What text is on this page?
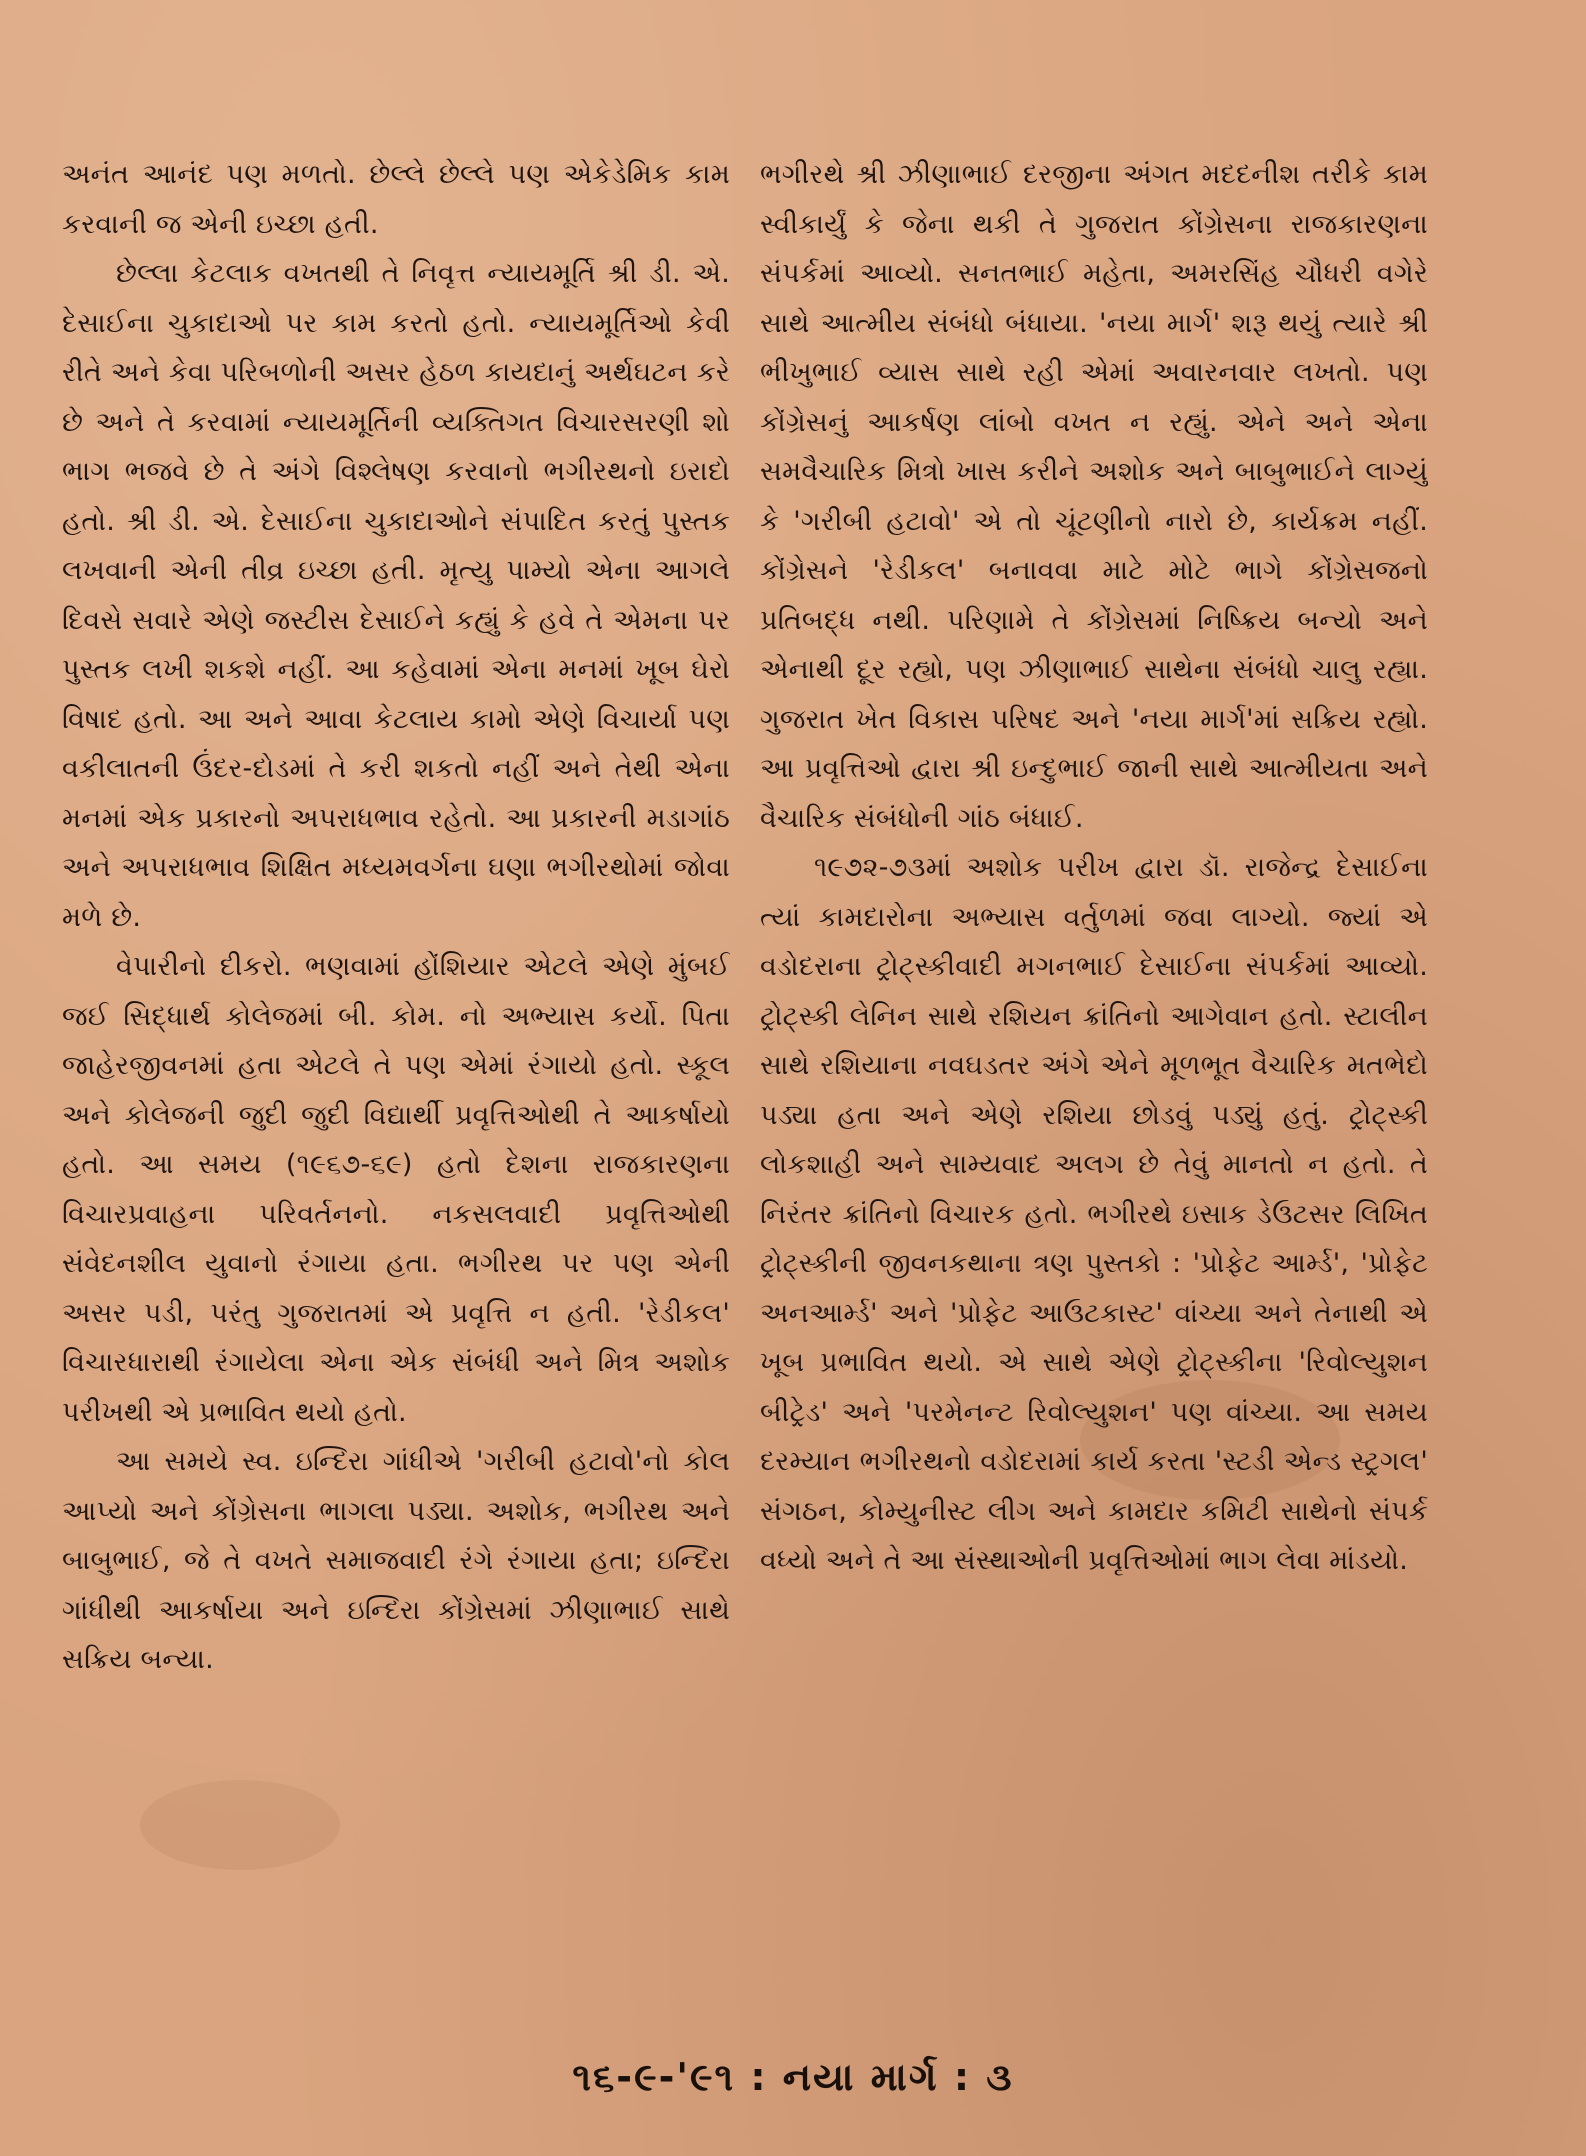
અનંત આનંદ પણ મળતો. છેલ્લે છેલ્લે પણ એકેડેમિક કામ કરવાની જ એની ઇચ્છા હતી.

છેલ્લા કેટલાક વખતથી તે નિવૃત્ત ન્યાયમૂર્તિ શ્રી ડી. એ. દેસાઈના ચુકાદાઓ પર કામ કરતો હતો. ન્યાયમૂર્તિઓ કેવી રીતે અને કેવા પરિબળોની અસર હેઠળ કાયદાનું અર્થઘટન કરે છે અને તે કરવામાં ન્યાયમૂર્તિની વ્યક્તિગત વિચારસરણી શો ભાગ ભજવે છે તે અંગે વિશ્લેષણ કરવાનો ભગીરથનો ઇરાદો હતો. શ્રી ડી. એ. દેસાઈના ચુકાદાઓને સંપાદિત કરતું પુસ્તક લખવાની એની તીવ્ર ઇચ્છા હતી. મૃત્યુ પામ્યો એના આગલે દિવસે સવારે એણે જસ્ટીસ દેસાઈને કહ્યું કે હવે તે એમના પર પુસ્તક લખી શકશે નહીં. આ કહેવામાં એના મનમાં ખૂબ ઘેરો વિષાદ હતો. આ અને આવા કેટલાય કામો એણે વિચાર્યા પણ વકીલાતની ઉંદર-દોડમાં તે કરી શકતો નહીં અને તેથી એના મનમાં એક પ્રકારનો અપરાધભાવ રહેતો. આ પ્રકારની મડાગાંઠ અને અપરાધભાવ શિક્ષિત મધ્યમવર્ગના ઘણા ભગીરથોમાં જોવા મળે છે.

વેપારીનો દીકરો. ભણવામાં હોંશિયાર એટલે એણે મુંબઈ જઈ સિદ્ધાર્થ કોલેજમાં બી. કોમ. નો અભ્યાસ કર્યો. પિતા જાહેરજીવનમાં હતા એટલે તે પણ એમાં રંગાયો હતો. સ્કૂલ અને કોલેજની જુદી જુદી વિદ્યાર્થી પ્રવૃત્તિઓથી તે આકર્ષાયો હતો. આ સમય (૧૯૬૭-૬૯) હતો દેશના રાજકારણના વિચારપ્રવાહના પરિવર્તનનો. નકસલવાદી પ્રવૃત્તિઓથી સંવેદનશીલ યુવાનો રંગાયા હતા. ભગીરથ પર પણ એની અસર પડી, પરંતુ ગુજરાતમાં એ પ્રવૃત્તિ ન હતી. 'રેડીકલ' વિચારધારાથી રંગાયેલા એના એક સંબંધી અને મિત્ર અશોક પરીખથી એ પ્રભાવિત થયો હતો.

આ સમયે સ્વ. ઇન્દિરા ગાંધીએ 'ગરીબી હટાવો'નો કોલ આપ્યો અને કોંગ્રેસના ભાગલા પડ્યા. અશોક, ભગીરથ અને બાબુભાઈ, જે તે વખતે સમાજવાદી રંગે રંગાયા હતા; ઇન્દિરા ગાંધીથી આકર્ષાયા અને ઇન્દિરા કોંગ્રેસમાં ઝીણાભાઈ સાથે સક્રિય બન્યા.

ભગીરથે શ્રી ઝીણાભાઈ દરજીના અંગત મદદનીશ તરીકે કામ સ્વીકાર્યું કે જેના થકી તે ગુજરાત કોંગ્રેસના રાજકારણના સંપર્કમાં આવ્યો. સનતભાઈ મહેતા, અમરસિંહ ચૌધરી વગેરે સાથે આત્મીય સંબંધો બંધાયા. 'નયા માર્ગ' શરૂ થયું ત્યારે શ્રી ભીખુભાઈ વ્યાસ સાથે રહી એમાં અવારનવાર લખતો. પણ કોંગ્રેસનું આકર્ષણ લાંબો વખત ન રહ્યું. એને અને એના સમવૈચારિક મિત્રો ખાસ કરીને અશોક અને બાબુભાઈને લાગ્યું કે 'ગરીબી હટાવો' એ તો ચૂંટણીનો નારો છે, કાર્યક્રમ નહીં. કોંગ્રેસને 'રેડીકલ' બનાવવા માટે મોટે ભાગે કોંગ્રેસજનો પ્રતિબદ્ધ નથી. પરિણામે તે કોંગ્રેસમાં નિષ્ક્રિય બન્યો અને એનાથી દૂર રહ્યો, પણ ઝીણાભાઈ સાથેના સંબંધો ચાલુ રહ્યા. ગુજરાત ખેત વિકાસ પરિષદ અને 'નયા માર્ગ'માં સક્રિય રહ્યો. આ પ્રવૃત્તિઓ દ્વારા શ્રી ઇન્દુભાઈ જાની સાથે આત્મીયતા અને વૈચારિક સંબંધોની ગાંઠ બંધાઈ.

૧૯૭૨-૭૩માં અશોક પરીખ દ્વારા ડૉ. રાજેન્દ્ર દેસાઈના ત્યાં કામદારોના અભ્યાસ વર્તુળમાં જવા લાગ્યો. જ્યાં એ વડોદરાના ટ્રોટ્સ્કીવાદી મગનભાઈ દેસાઈના સંપર્કમાં આવ્યો. ટ્રોટ્સ્કી લેનિન સાથે રશિયન ક્રાંતિનો આગેવાન હતો. સ્ટાલીન સાથે રશિયાના નવઘડતર અંગે એને મૂળભૂત વૈચારિક મતભેદો પડ્યા હતા અને એણે રશિયા છોડવું પડ્યું હતું. ટ્રોટ્સ્કી લોકશાહી અને સામ્યવાદ અલગ છે તેવું માનતો ન હતો. તે નિરંતર ક્રાંતિનો વિચારક હતો. ભગીરથે ઇસાક ડેઉટસર લિખિત ટ્રોટ્સ્કીની જીવનકથાના ત્રણ પુસ્તકો : 'પ્રોફેટ આર્મ્ડ', 'પ્રોફેટ અનઆર્મ્ડ' અને 'પ્રોફેટ આઉટકાસ્ટ' વાંચ્યા અને તેનાથી એ ખૂબ પ્રભાવિત થયો. એ સાથે એણે ટ્રોટ્સ્કીના 'રિવોલ્યુશન બીટ્રેડ' અને 'પરમેનન્ટ રિવોલ્યુશન' પણ વાંચ્યા. આ સમય દરમ્યાન ભગીરથનો વડોદરામાં કાર્ય કરતા 'સ્ટડી એન્ડ સ્ટ્રગલ' સંગઠન, કોમ્યુનીસ્ટ લીગ અને કામદાર કમિટી સાથેનો સંપર્ક વધ્યો અને તે આ સંસ્થાઓની પ્રવૃત્તિઓમાં ભાગ લેવા માંડયો.

૧૬-૯-'૯૧ : નયા માર્ગ : ૩
